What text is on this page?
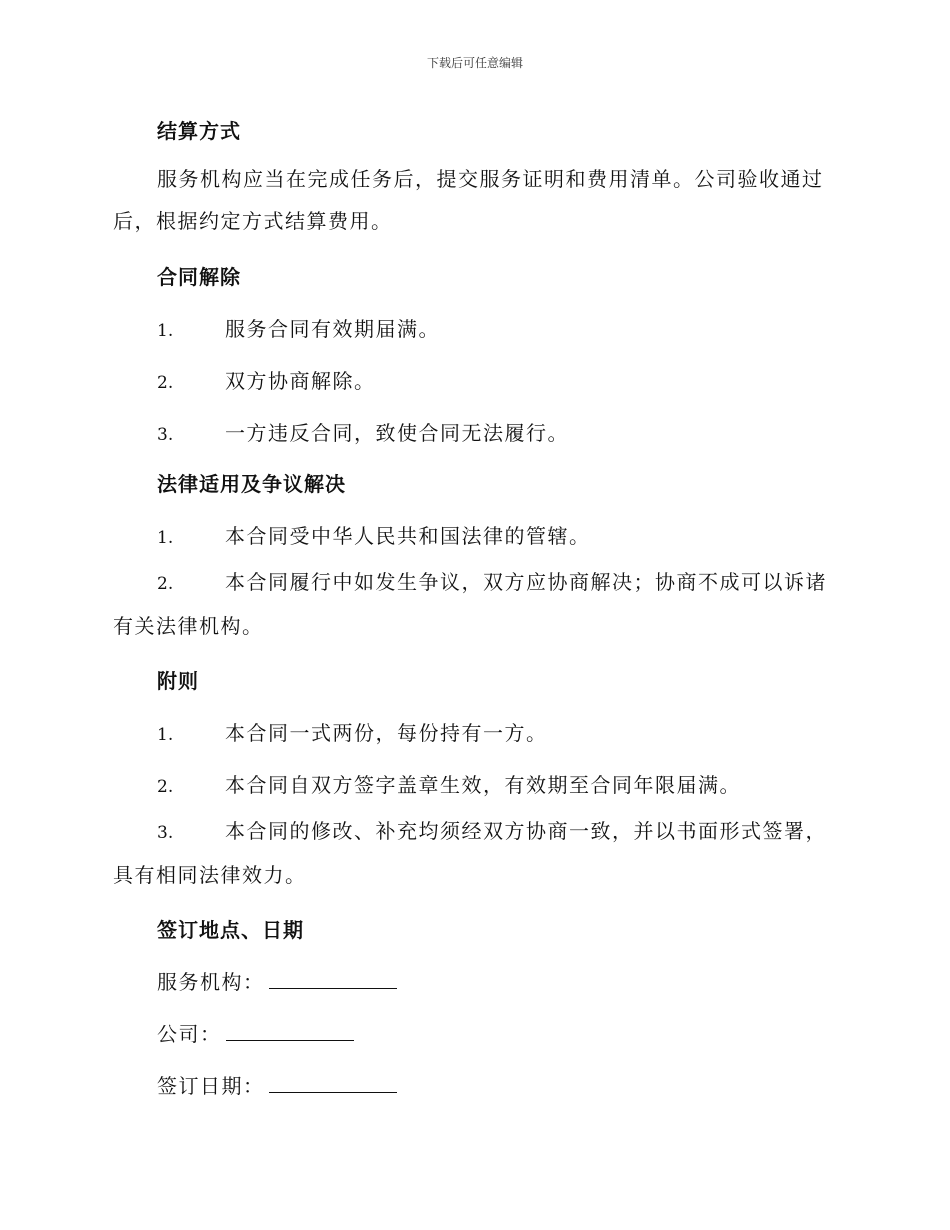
下载后可任意编辑
结算方式
服务机构应当在完成任务后，提交服务证明和费用清单。公司验收通过后，根据约定方式结算费用。
合同解除
1.	服务合同有效期届满。
2.	双方协商解除。
3.	一方违反合同，致使合同无法履行。
法律适用及争议解决
1.	本合同受中华人民共和国法律的管辖。
2.	本合同履行中如发生争议，双方应协商解决；协商不成可以诉诸有关法律机构。
附则
1.	本合同一式两份，每份持有一方。
2.	本合同自双方签字盖章生效，有效期至合同年限届满。
3.	本合同的修改、补充均须经双方协商一致，并以书面形式签署，具有相同法律效力。
签订地点、日期
服务机构：
公司：
签订日期：
